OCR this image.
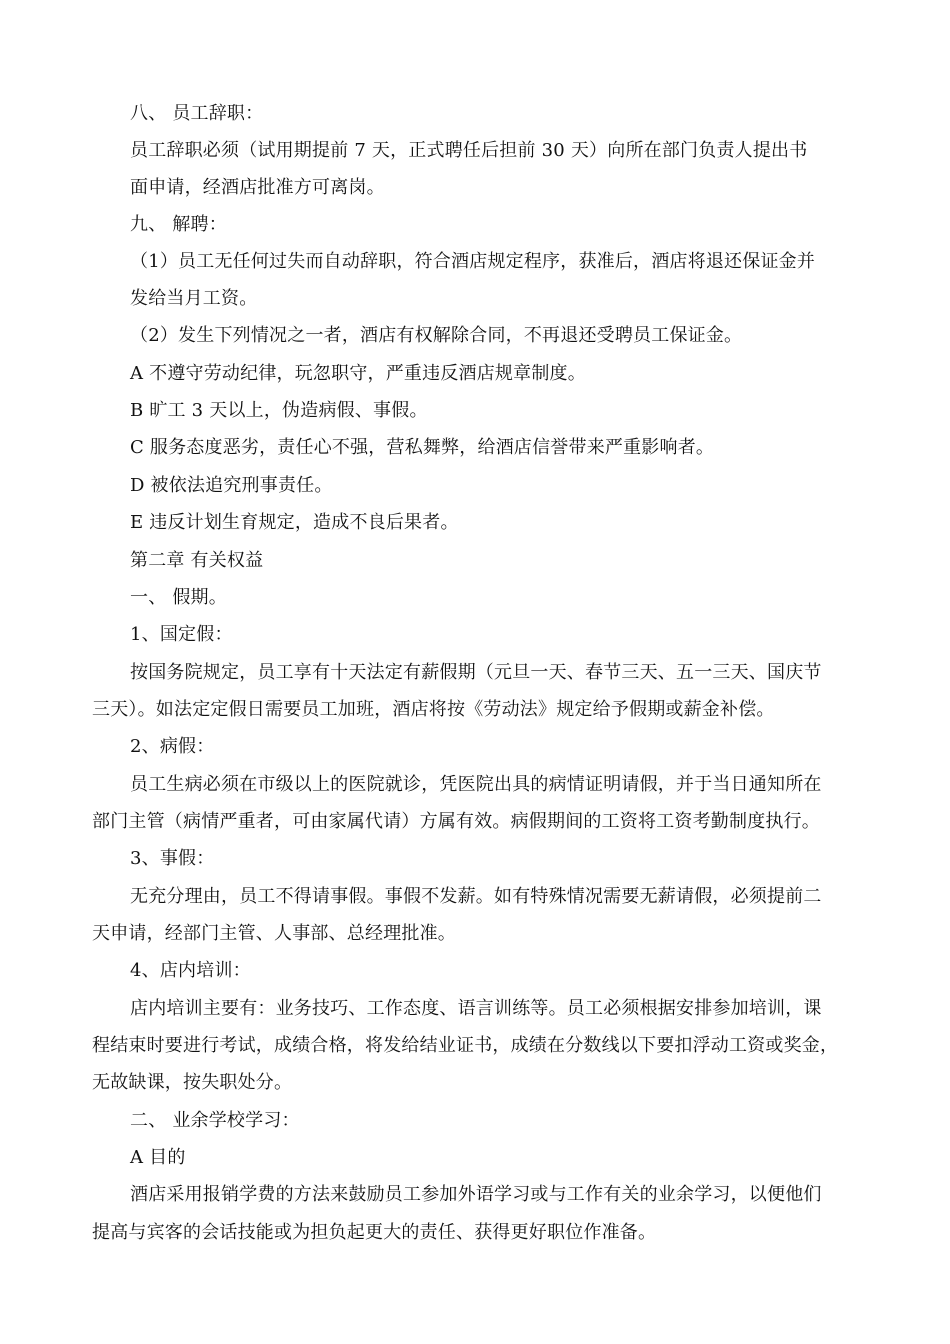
八、 员工辞职：
员工辞职必须（试用期提前 7 天，正式聘任后担前 30 天）向所在部门负责人提出书
面申请，经酒店批准方可离岗。
九、 解聘：
（1）员工无任何过失而自动辞职，符合酒店规定程序，获准后，酒店将退还保证金并
发给当月工资。
（2）发生下列情况之一者，酒店有权解除合同，不再退还受聘员工保证金。
A 不遵守劳动纪律，玩忽职守，严重违反酒店规章制度。
B 旷工 3 天以上，伪造病假、事假。
C 服务态度恶劣，责任心不强，营私舞弊，给酒店信誉带来严重影响者。
D 被依法追究刑事责任。
E 违反计划生育规定，造成不良后果者。
第二章 有关权益
一、 假期。
1、国定假：
按国务院规定，员工享有十天法定有薪假期（元旦一天、春节三天、五一三天、国庆节
三天）。如法定定假日需要员工加班，酒店将按《劳动法》规定给予假期或薪金补偿。
2、病假：
员工生病必须在市级以上的医院就诊，凭医院出具的病情证明请假，并于当日通知所在
部门主管（病情严重者，可由家属代请）方属有效。病假期间的工资将工资考勤制度执行。
3、事假：
无充分理由，员工不得请事假。事假不发薪。如有特殊情况需要无薪请假，必须提前二
天申请，经部门主管、人事部、总经理批准。
4、店内培训：
店内培训主要有：业务技巧、工作态度、语言训练等。员工必须根据安排参加培训，课
程结束时要进行考试，成绩合格，将发给结业证书，成绩在分数线以下要扣浮动工资或奖金，
无故缺课，按失职处分。
二、 业余学校学习：
A 目的
酒店采用报销学费的方法来鼓励员工参加外语学习或与工作有关的业余学习，以便他们
提高与宾客的会话技能或为担负起更大的责任、获得更好职位作准备。
